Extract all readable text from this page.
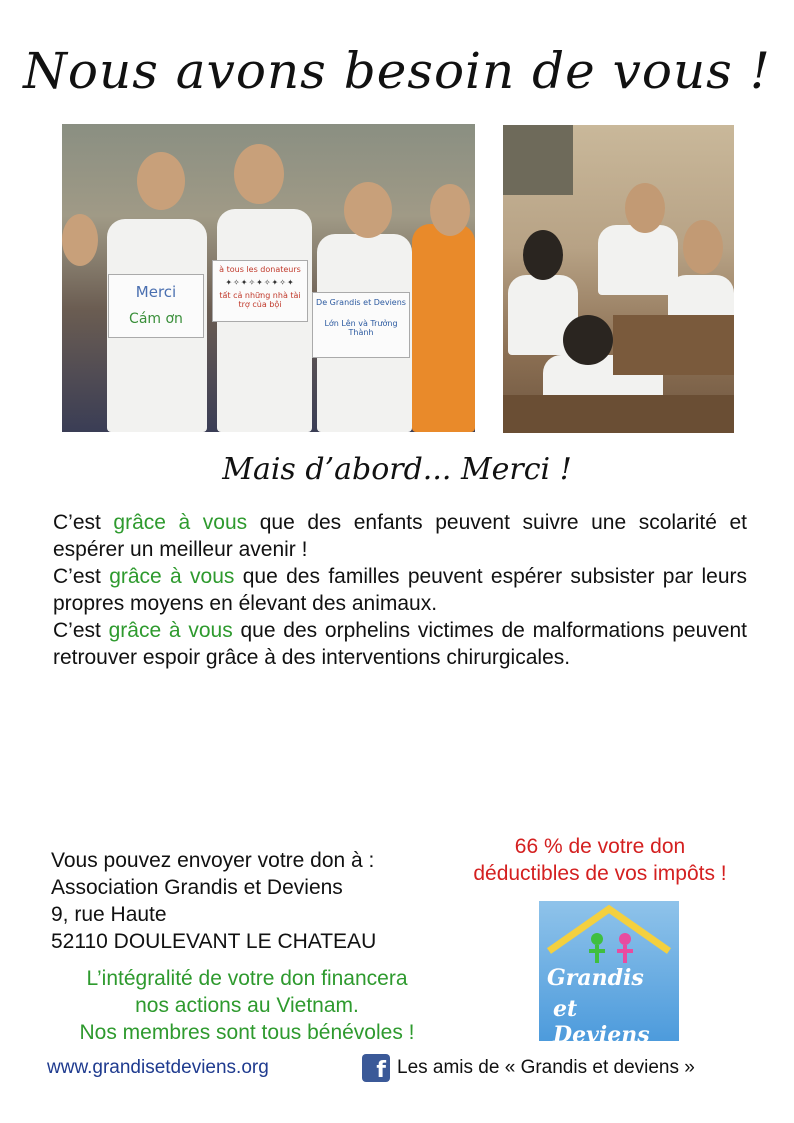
Nous avons besoin de vous !
Merci
Cám ơn
à tous les donateurs
✦✧✦✧✦✧✦✧✦
tất cả những nhà tài trợ của bội	De Grandis et Deviens
Lớn Lên và Trưởng Thành
Mais d’abord... Merci !

C’est grâce à vous que des enfants peuvent suivre une scolarité et espérer un meilleur avenir !

C’est grâce à vous que des familles peuvent espérer subsister par leurs propres moyens en élevant des animaux.

C’est grâce à vous que des orphelins victimes de malformations peuvent retrouver espoir grâce à des interventions chirurgicales.

Vous pouvez envoyer votre don à :
Association Grandis et Deviens
9, rue Haute
52110 DOULEVANT LE CHATEAU
66 % de votre don
déductibles de vos impôts !
Grandis
et Deviens
L’intégralité de votre don financera
nos actions au Vietnam.
Nos membres sont tous bénévoles !
www.grandisetdeviens.org	f Les amis de « Grandis et deviens »
